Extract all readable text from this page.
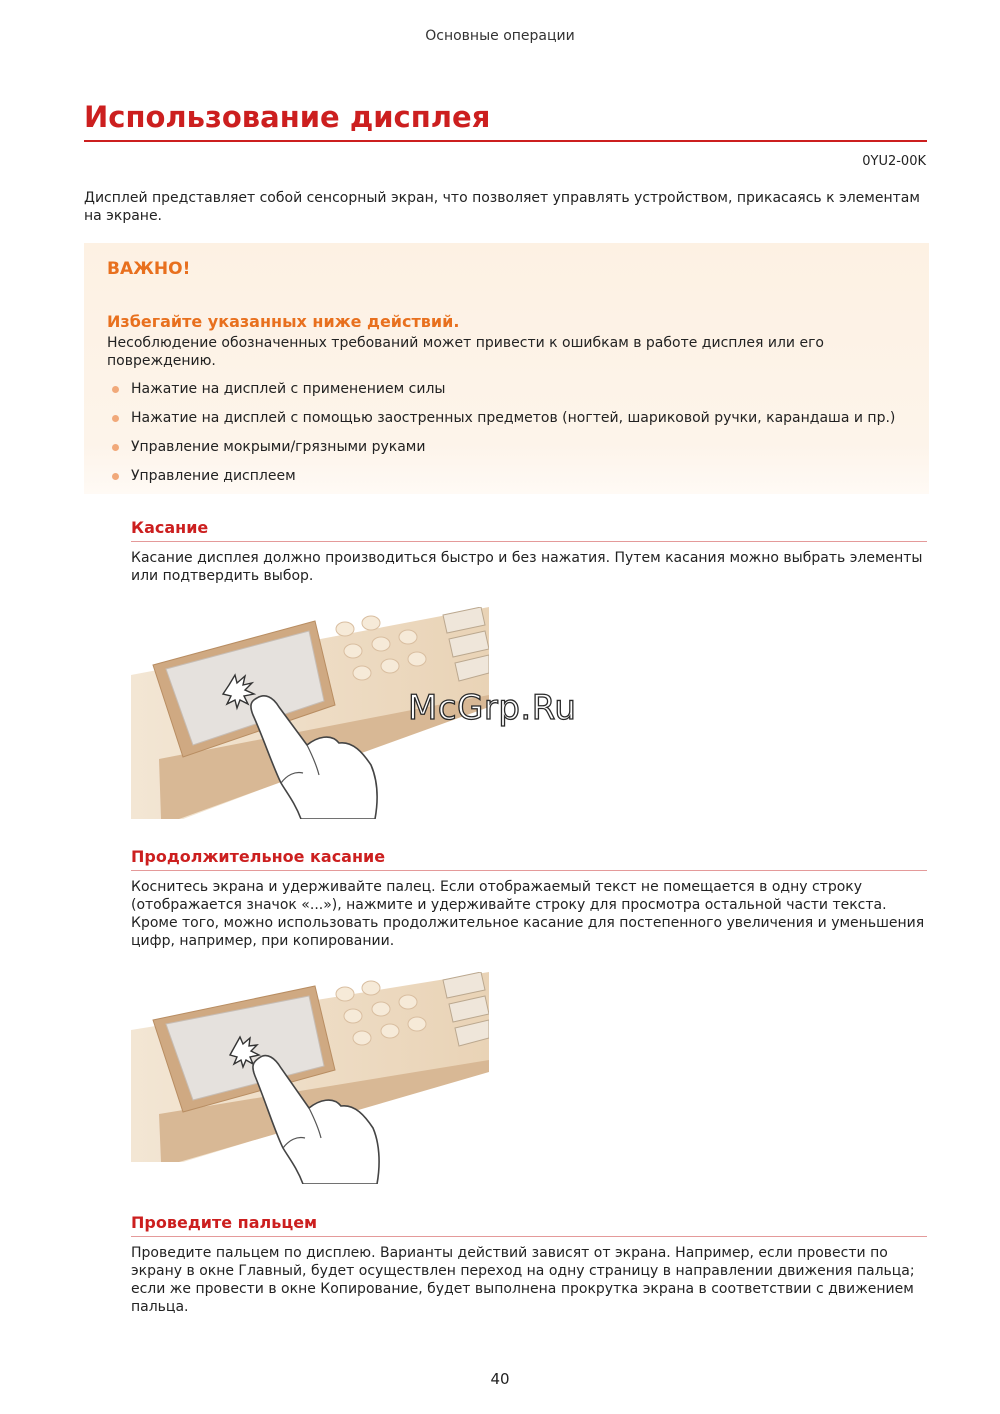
Основные операции
Использование дисплея
0YU2-00K

Дисплей представляет собой сенсорный экран, что позволяет управлять устройством, прикасаясь к элементам на экране.

ВАЖНО!
Избегайте указанных ниже действий.

Несоблюдение обозначенных требований может привести к ошибкам в работе дисплея или его повреждению.

Нажатие на дисплей с применением силы
Нажатие на дисплей с помощью заостренных предметов (ногтей, шариковой ручки, карандаша и пр.)
Управление мокрыми/грязными руками
Управление дисплеем
Касание

Касание дисплея должно производиться быстро и без нажатия. Путем касания можно выбрать элементы или подтвердить выбор.

McGrp.Ru
Продолжительное касание

Коснитесь экрана и удерживайте палец. Если отображаемый текст не помещается в одну строку (отображается значок «...»), нажмите и удерживайте строку для просмотра остальной части текста. Кроме того, можно использовать продолжительное касание для постепенного увеличения и уменьшения цифр, например, при копировании.

Проведите пальцем

Проведите пальцем по дисплею. Варианты действий зависят от экрана. Например, если провести по экрану в окне Главный, будет осуществлен переход на одну страницу в направлении движения пальца; если же провести в окне Копирование, будет выполнена прокрутка экрана в соответствии с движением пальца.

40
